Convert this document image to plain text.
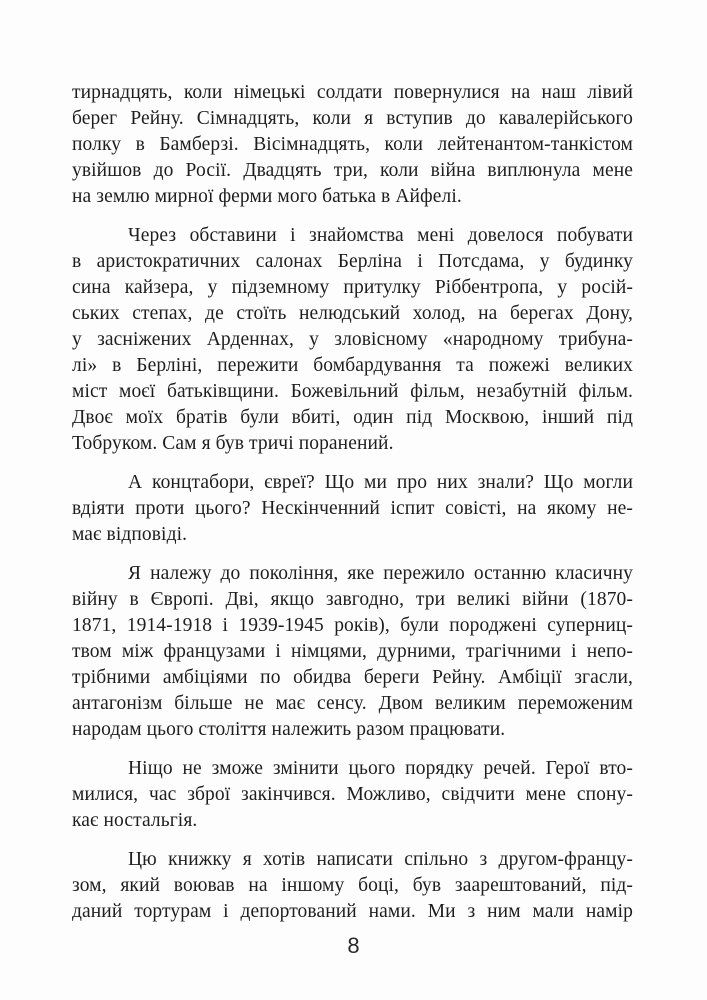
тирнадцять, коли німецькі солдати повернулися на наш лівий
берег Рейну. Сімнадцять, коли я вступив до кавалерійського
полку в Бамберзі. Вісімнадцять, коли лейтенантом-танкістом
увійшов до Росії. Двадцять три, коли війна виплюнула мене
на землю мирної ферми мого батька в Айфелі.
Через обставини і знайомства мені довелося побувати
в аристократичних салонах Берліна і Потсдама, у будинку
сина кайзера, у підземному притулку Ріббентропа, у росій-
ських степах, де стоїть нелюдський холод, на берегах Дону,
у засніжених Арденнах, у зловісному «народному трибуна-
лі» в Берліні, пережити бомбардування та пожежі великих
міст моєї батьківщини. Божевільний фільм, незабутній фільм.
Двоє моїх братів були вбиті, один під Москвою, інший під
Тобруком. Сам я був тричі поранений.
А концтабори, євреї? Що ми про них знали? Що могли
вдіяти проти цього? Нескінченний іспит совісті, на якому не-
має відповіді.
Я належу до покоління, яке пережило останню класичну
війну в Європі. Дві, якщо завгодно, три великі війни (1870-
1871, 1914-1918 і 1939-1945 років), були породжені суперниц-
твом між французами і німцями, дурними, трагічними і непо-
трібними амбіціями по обидва береги Рейну. Амбіції згасли,
антагонізм більше не має сенсу. Двом великим переможеним
народам цього століття належить разом працювати.
Ніщо не зможе змінити цього порядку речей. Герої вто-
милися, час зброї закінчився. Можливо, свідчити мене спону-
кає ностальгія.
Цю книжку я хотів написати спільно з другом-францу-
зом, який воював на іншому боці, був заарештований, під-
даний тортурам і депортований нами. Ми з ним мали намір
8
